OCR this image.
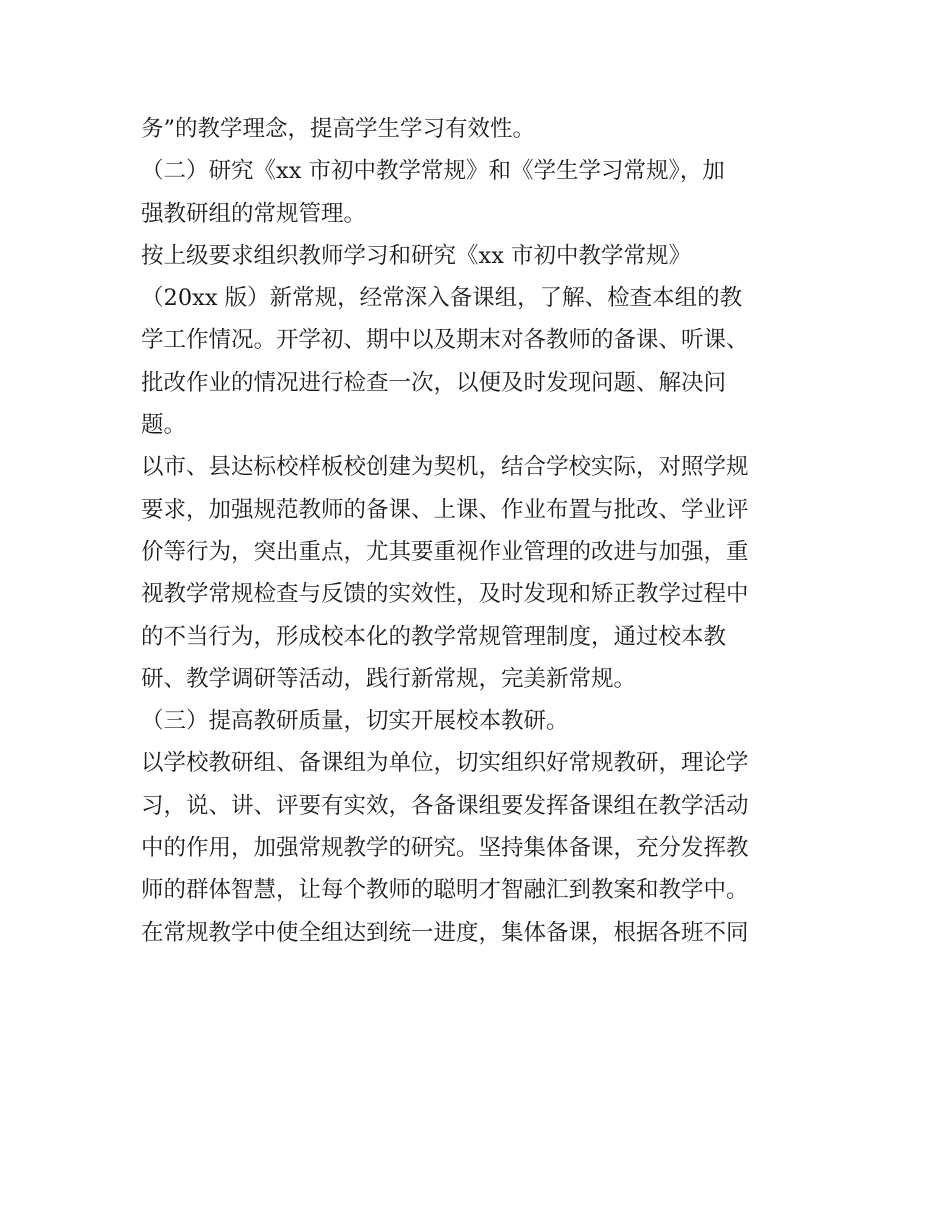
务”的教学理念，提高学生学习有效性。
（二）研究《xx 市初中教学常规》和《学生学习常规》，加
强教研组的常规管理。
按上级要求组织教师学习和研究《xx 市初中教学常规》
（20xx 版）新常规，经常深入备课组，了解、检查本组的教
学工作情况。开学初、期中以及期末对各教师的备课、听课、
批改作业的情况进行检查一次，以便及时发现问题、解决问
题。
以市、县达标校样板校创建为契机，结合学校实际，对照学规
要求，加强规范教师的备课、上课、作业布置与批改、学业评
价等行为，突出重点，尤其要重视作业管理的改进与加强，重
视教学常规检查与反馈的实效性，及时发现和矫正教学过程中
的不当行为，形成校本化的教学常规管理制度，通过校本教
研、教学调研等活动，践行新常规，完美新常规。
（三）提高教研质量，切实开展校本教研。
以学校教研组、备课组为单位，切实组织好常规教研，理论学
习，说、讲、评要有实效，各备课组要发挥备课组在教学活动
中的作用，加强常规教学的研究。坚持集体备课，充分发挥教
师的群体智慧，让每个教师的聪明才智融汇到教案和教学中。
在常规教学中使全组达到统一进度，集体备课，根据各班不同
